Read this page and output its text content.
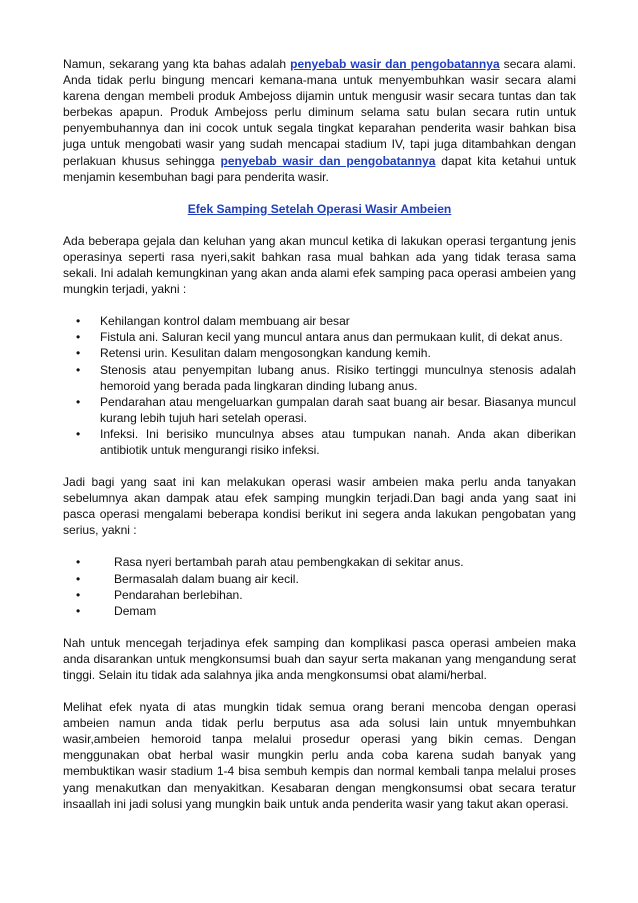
Namun, sekarang yang kta bahas adalah penyebab wasir dan pengobatannya secara alami. Anda tidak perlu bingung mencari kemana-mana untuk menyembuhkan wasir secara alami karena dengan membeli produk Ambejoss dijamin untuk mengusir wasir secara tuntas dan tak berbekas apapun. Produk Ambejoss perlu diminum selama satu bulan secara rutin untuk penyembuhannya dan ini cocok untuk segala tingkat keparahan penderita wasir bahkan bisa juga untuk mengobati wasir yang sudah mencapai stadium IV, tapi juga ditambahkan dengan perlakuan khusus sehingga penyebab wasir dan pengobatannya dapat kita ketahui untuk menjamin kesembuhan bagi para penderita wasir.

Efek Samping Setelah Operasi Wasir Ambeien

Ada beberapa gejala dan keluhan yang akan muncul ketika di lakukan operasi tergantung jenis operasinya seperti rasa nyeri,sakit bahkan rasa mual bahkan ada yang tidak terasa sama sekali. Ini adalah kemungkinan yang akan anda alami efek samping paca operasi ambeien yang mungkin terjadi, yakni :

• Kehilangan kontrol dalam membuang air besar
• Fistula ani. Saluran kecil yang muncul antara anus dan permukaan kulit, di dekat anus.
• Retensi urin. Kesulitan dalam mengosongkan kandung kemih.
• Stenosis atau penyempitan lubang anus. Risiko tertinggi munculnya stenosis adalah hemoroid yang berada pada lingkaran dinding lubang anus.
• Pendarahan atau mengeluarkan gumpalan darah saat buang air besar. Biasanya muncul kurang lebih tujuh hari setelah operasi.
• Infeksi. Ini berisiko munculnya abses atau tumpukan nanah. Anda akan diberikan antibiotik untuk mengurangi risiko infeksi.

Jadi bagi yang saat ini kan melakukan operasi wasir ambeien maka perlu anda tanyakan sebelumnya akan dampak atau efek samping mungkin terjadi.Dan bagi anda yang saat ini pasca operasi mengalami beberapa kondisi berikut ini segera anda lakukan pengobatan yang serius, yakni :

•	Rasa nyeri bertambah parah atau pembengkakan di sekitar anus.
•	Bermasalah dalam buang air kecil.
•	Pendarahan berlebihan.
•	Demam

Nah untuk mencegah terjadinya efek samping dan komplikasi pasca operasi ambeien maka anda disarankan untuk mengkonsumsi buah dan sayur serta makanan yang mengandung serat tinggi. Selain itu tidak ada salahnya jika anda mengkonsumsi obat alami/herbal.

Melihat efek nyata di atas mungkin tidak semua orang berani mencoba dengan operasi ambeien namun anda tidak perlu berputus asa ada solusi lain untuk mnyembuhkan wasir,ambeien hemoroid tanpa melalui prosedur operasi yang bikin cemas. Dengan menggunakan obat herbal wasir mungkin perlu anda coba karena sudah banyak yang membuktikan wasir stadium 1-4 bisa sembuh kempis dan normal kembali tanpa melalui proses yang menakutkan dan menyakitkan. Kesabaran dengan mengkonsumsi obat secara teratur insaallah ini jadi solusi yang mungkin baik untuk anda penderita wasir yang takut akan operasi.
